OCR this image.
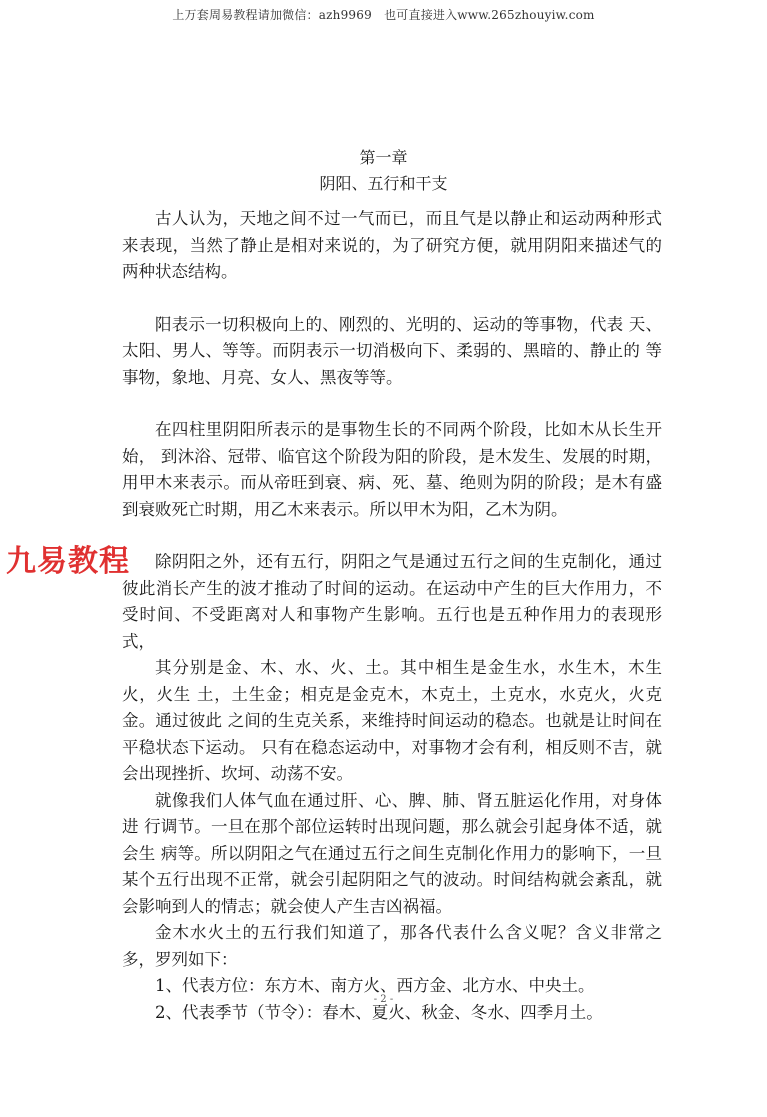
上万套周易教程请加微信：azh9969　也可直接进入www.265zhouyiw.com
第一章
阴阳、五行和干支

古人认为，天地之间不过一气而已，而且气是以静止和运动两种形式来表现，当然了静止是相对来说的，为了研究方便，就用阴阳来描述气的两种状态结构。

阳表示一切积极向上的、刚烈的、光明的、运动的等事物，代表 天、太阳、男人、等等。而阴表示一切消极向下、柔弱的、黑暗的、静止的 等事物，象地、月亮、女人、黑夜等等。

在四柱里阴阳所表示的是事物生长的不同两个阶段，比如木从长生开始， 到沐浴、冠带、临官这个阶段为阳的阶段，是木发生、发展的时期，用甲木来表示。而从帝旺到衰、病、死、墓、绝则为阴的阶段；是木有盛到衰败死亡时期，用乙木来表示。所以甲木为阳，乙木为阴。

除阴阳之外，还有五行，阴阳之气是通过五行之间的生克制化，通过彼此消长产生的波才推动了时间的运动。在运动中产生的巨大作用力，不受时间、不受距离对人和事物产生影响。五行也是五种作用力的表现形式，

其分别是金、木、水、火、土。其中相生是金生水，水生木，木生火，火生 土，土生金；相克是金克木，木克土，土克水，水克火，火克金。通过彼此 之间的生克关系，来维持时间运动的稳态。也就是让时间在平稳状态下运动。 只有在稳态运动中，对事物才会有利，相反则不吉，就会出现挫折、坎坷、动荡不安。

就像我们人体气血在通过肝、心、脾、肺、肾五脏运化作用，对身体进 行调节。一旦在那个部位运转时出现问题，那么就会引起身体不适，就会生 病等。所以阴阳之气在通过五行之间生克制化作用力的影响下，一旦某个五行出现不正常，就会引起阴阳之气的波动。时间结构就会紊乱，就会影响到人的情志；就会使人产生吉凶祸福。

金木水火土的五行我们知道了，那各代表什么含义呢？含义非常之多，罗列如下：

1、代表方位：东方木、南方火、西方金、北方水、中央土。

2、代表季节（节令）：春木、夏火、秋金、冬水、四季月土。

九易教程
- 2 -
